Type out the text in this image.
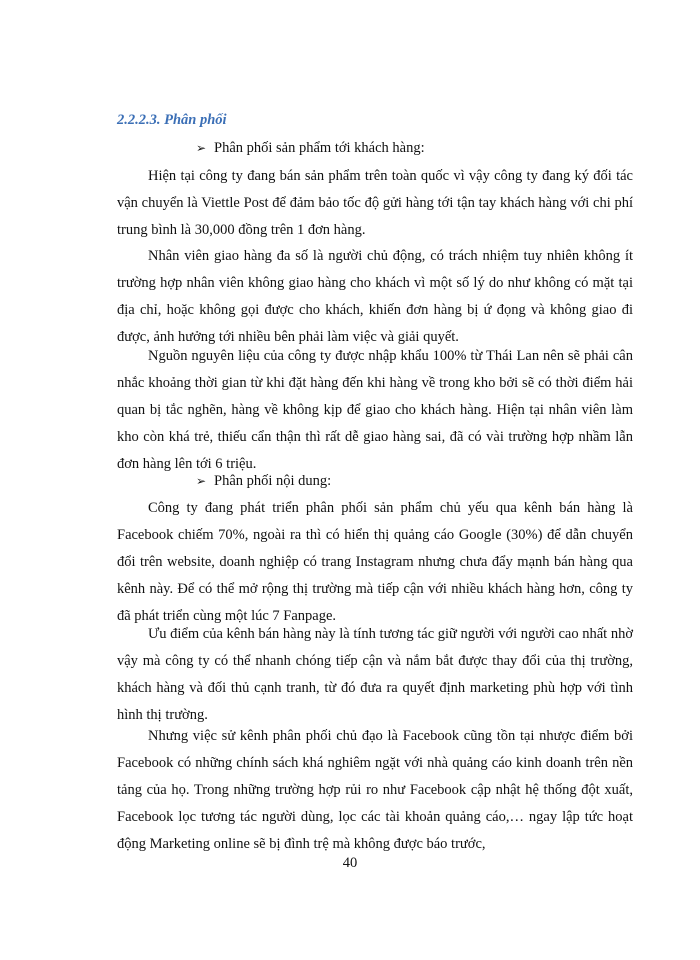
2.2.2.3. Phân phối

➢ Phân phối sản phẩm tới khách hàng:

Hiện tại công ty đang bán sản phẩm trên toàn quốc vì vậy công ty đang ký đối tác vận chuyển là Viettle Post để đảm bảo tốc độ gửi hàng tới tận tay khách hàng với chi phí trung bình là 30,000 đồng trên 1 đơn hàng.

Nhân viên giao hàng đa số là người chủ động, có trách nhiệm tuy nhiên không ít trường hợp nhân viên không giao hàng cho khách vì một số lý do như không có mặt tại địa chỉ, hoặc không gọi được cho khách, khiến đơn hàng bị ứ đọng và không giao đi được, ảnh hưởng tới nhiều bên phải làm việc và giải quyết.

Nguồn nguyên liệu của công ty được nhập khẩu 100% từ Thái Lan nên sẽ phải cân nhắc khoảng thời gian từ khi đặt hàng đến khi hàng về trong kho bởi sẽ có thời điểm hải quan bị tắc nghẽn, hàng về không kịp để giao cho khách hàng. Hiện tại nhân viên làm kho còn khá trẻ, thiếu cẩn thận thì rất dễ giao hàng sai, đã có vài trường hợp nhầm lẫn đơn hàng lên tới 6 triệu.

➢ Phân phối nội dung:

Công ty đang phát triển phân phối sản phẩm chủ yếu qua kênh bán hàng là Facebook chiếm 70%, ngoài ra thì có hiển thị quảng cáo Google (30%) để dẫn chuyển đổi trên website, doanh nghiệp có trang Instagram nhưng chưa đẩy mạnh bán hàng qua kênh này. Để có thể mở rộng thị trường mà tiếp cận với nhiều khách hàng hơn, công ty đã phát triển cùng một lúc 7 Fanpage.

Ưu điểm của kênh bán hàng này là tính tương tác giữ người với người cao nhất nhờ vậy mà công ty có thể nhanh chóng tiếp cận và nắm bắt được thay đổi của thị trường, khách hàng và đối thủ cạnh tranh, từ đó đưa ra quyết định marketing phù hợp với tình hình thị trường.

Nhưng việc sử kênh phân phối chủ đạo là Facebook cũng tồn tại nhược điểm bởi Facebook có những chính sách khá nghiêm ngặt với nhà quảng cáo kinh doanh trên nền tảng của họ. Trong những trường hợp rủi ro như Facebook cập nhật hệ thống đột xuất, Facebook lọc tương tác người dùng, lọc các tài khoản quảng cáo,… ngay lập tức hoạt động Marketing online sẽ bị đình trệ mà không được báo trước,

40
